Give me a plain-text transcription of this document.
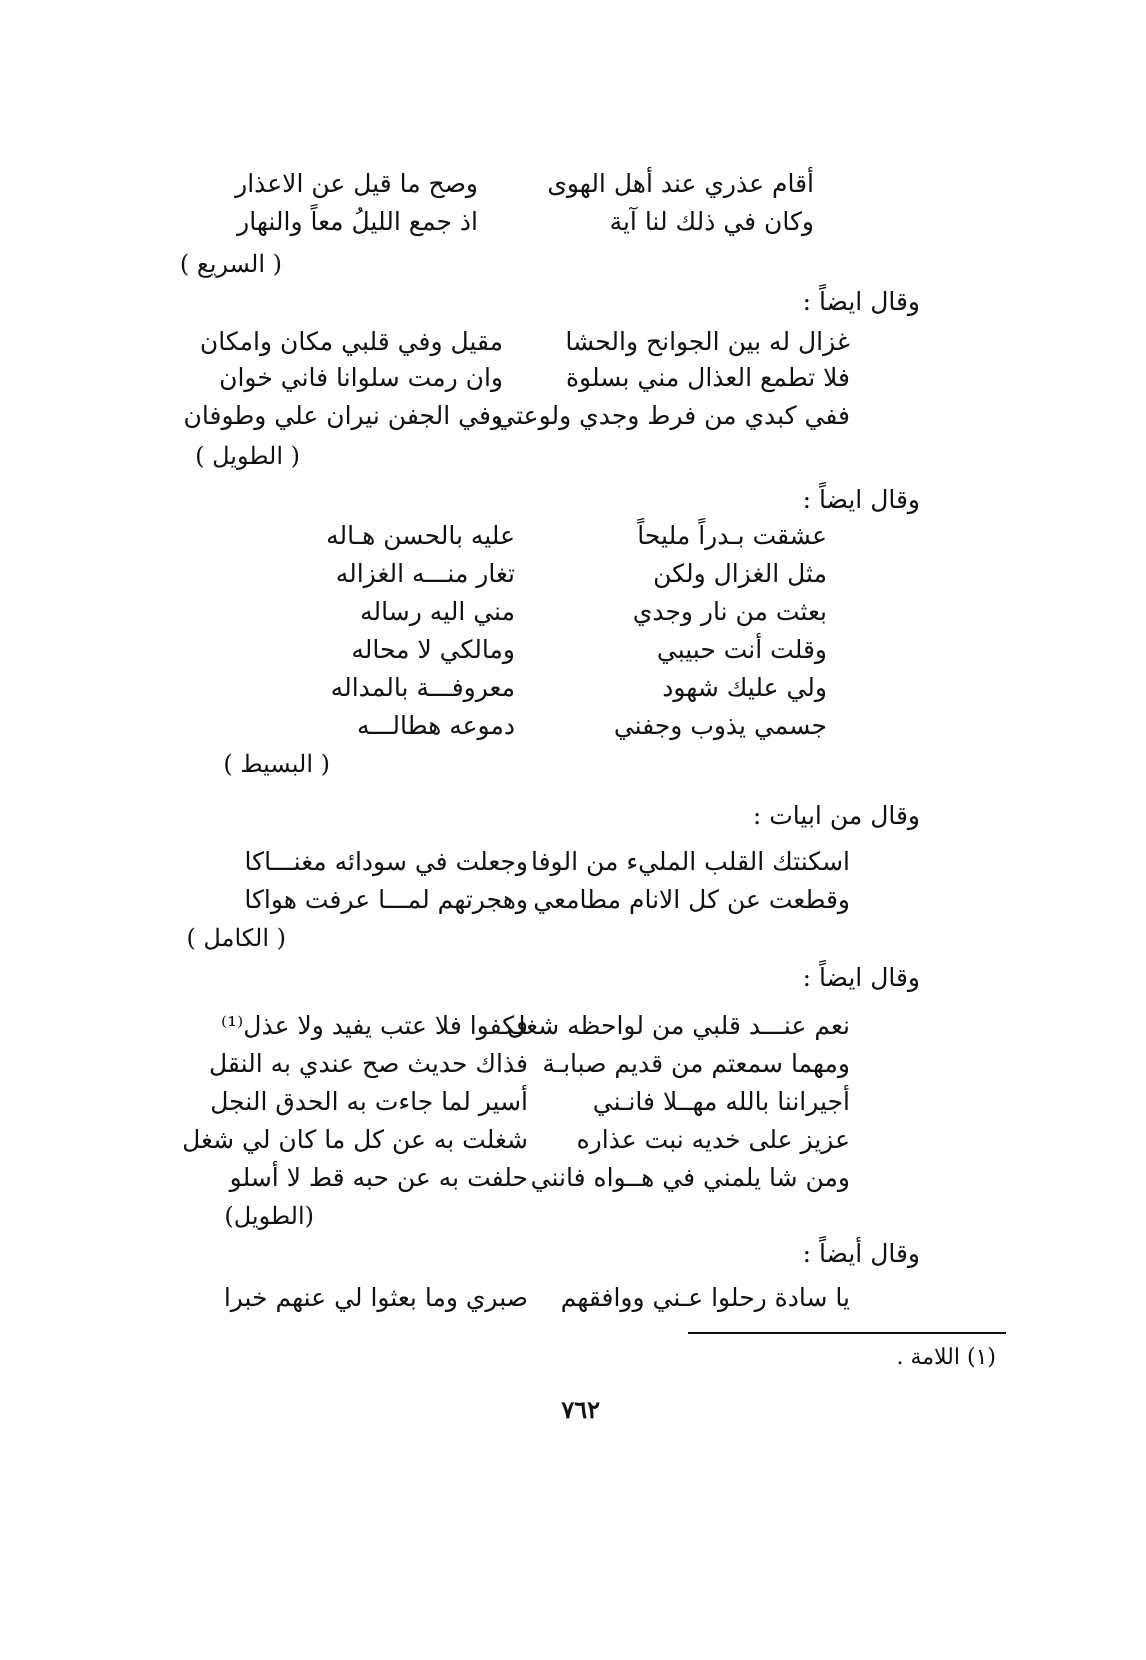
أقام عذري عند أهل الهوى
وصح ما قيل عن الاعذار
وكان في ذلك لنا آية
اذ جمع الليلُ معاً والنهار
( السريع )
وقال ايضاً :
غزال له بين الجوانح والحشا
مقيل وفي قلبي مكان وامكان
فلا تطمع العذال مني بسلوة
وان رمت سلوانا فاني خوان
ففي كبدي من فرط وجدي ولوعتي
وفي الجفن نيران علي وطوفان
( الطويل )
وقال ايضاً :
عشقت بـدراً مليحاً
عليه بالحسن هـاله
مثل الغزال ولكن
تغار منـــه الغزاله
بعثت من نار وجدي
مني اليه رساله
وقلت أنت حبيبي
ومالكي لا محاله
ولي عليك شهود
معروفـــة بالمداله
جسمي يذوب وجفني
دموعه هطالـــه
( البسيط )
وقال من ابيات :
اسكنتك القلب المليء من الوفا
وجعلت في سودائه مغنـــاكا
وقطعت عن كل الانام مطامعي
وهجرتهم لمـــا عرفت هواكا
( الكامل )
وقال ايضاً :
نعم عنـــد قلبي من لواحظه شغل
فكفوا فلا عتب يفيد ولا عذل⁽¹⁾
ومهما سمعتم من قديم صبابـة
فذاك حديث صح عندي به النقل
أجيراننا بالله مهــلا فانـني
أسير لما جاءت به الحدق النجل
عزيز على خديه نبت عذاره
شغلت به عن كل ما كان لي شغل
ومن شا يلمني في هــواه فانني
حلفت به عن حبه قط لا أسلو
(الطويل)
وقال أيضاً :
يا سادة رحلوا عـني ووافقهم
صبري وما بعثوا لي عنهم خبرا
(١) اللامة .
٧٦٢
